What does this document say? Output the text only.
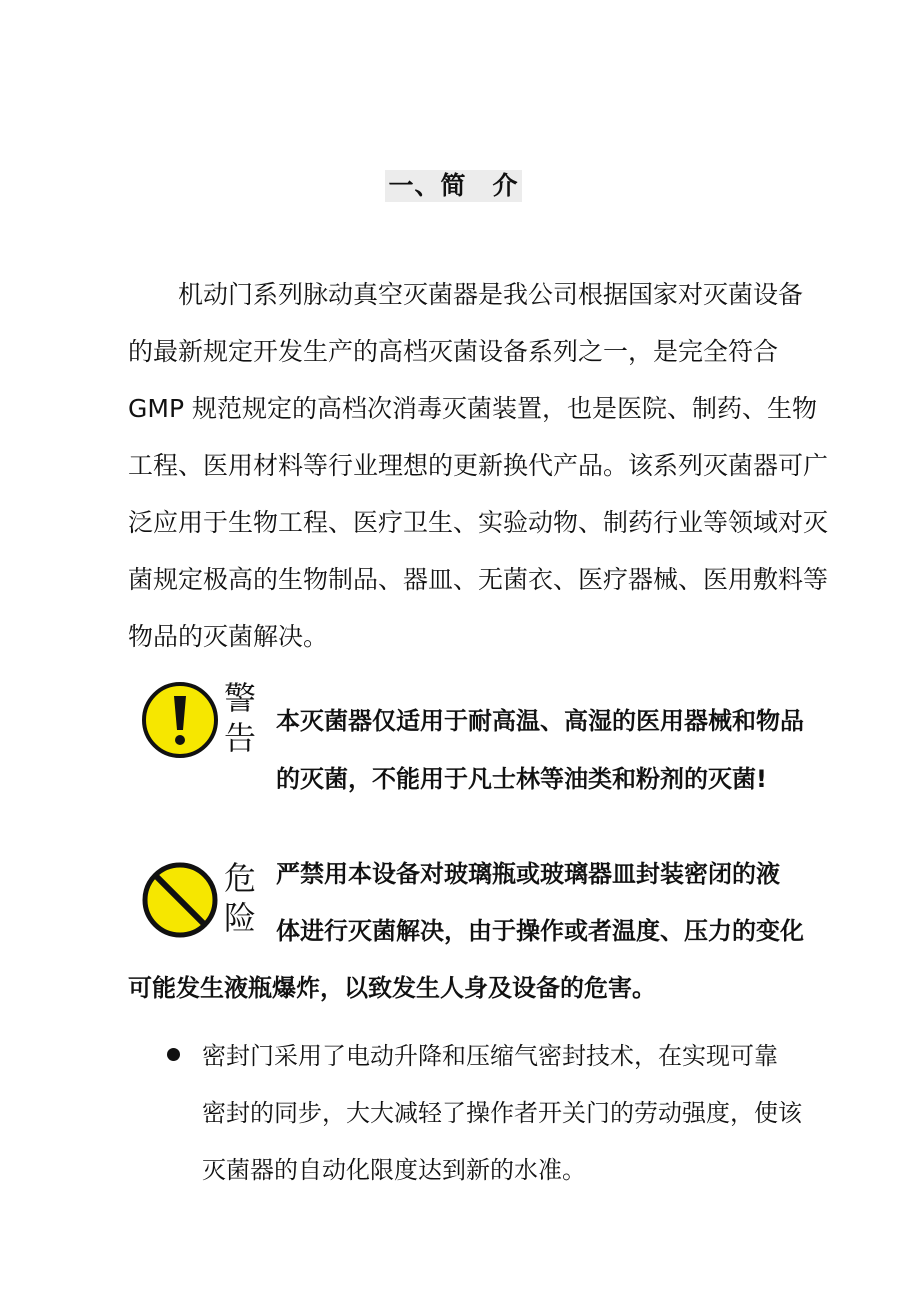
一、简　介
机动门系列脉动真空灭菌器是我公司根据国家对灭菌设备
的最新规定开发生产的高档灭菌设备系列之一，是完全符合
GMP 规范规定的高档次消毒灭菌装置，也是医院、制药、生物
工程、医用材料等行业理想的更新换代产品。该系列灭菌器可广
泛应用于生物工程、医疗卫生、实验动物、制药行业等领域对灭
菌规定极高的生物制品、器皿、无菌衣、医疗器械、医用敷料等
物品的灭菌解决。
警
告 本灭菌器仅适用于耐高温、高湿的医用器械和物品
的灭菌，不能用于凡士林等油类和粉剂的灭菌!

危
险

严禁用本设备对玻璃瓶或玻璃器皿封装密闭的液
体进行灭菌解决，由于操作或者温度、压力的变化
可能发生液瓶爆炸，以致发生人身及设备的危害。

密封门采用了电动升降和压缩气密封技术，在实现可靠
密封的同步，大大减轻了操作者开关门的劳动强度，使该
灭菌器的自动化限度达到新的水准。
